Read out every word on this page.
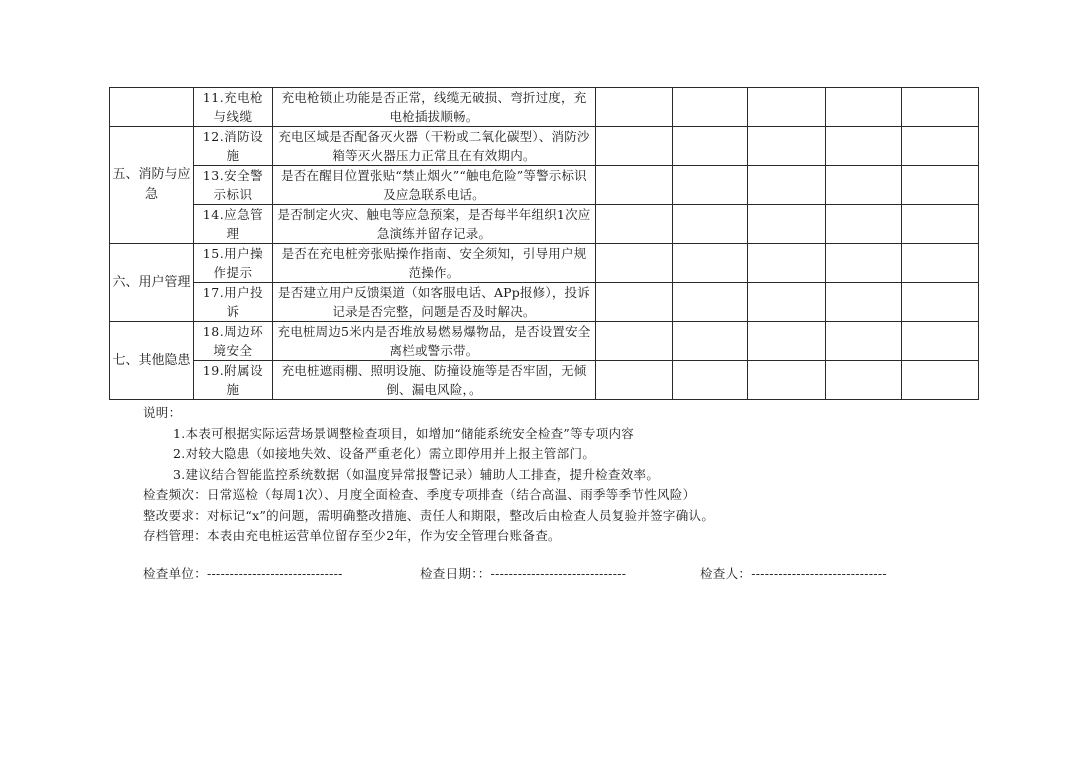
	11.充电枪与线缆	充电枪锁止功能是否正常，线缆无破损、弯折过度，充电枪插拔顺畅。					
五、消防与应急	12.消防设施	充电区域是否配备灭火器（干粉或二氧化碳型）、消防沙箱等灭火器压力正常且在有效期内。					
	13.安全警示标识	是否在醒目位置张贴“禁止烟火”“触电危险”等警示标识及应急联系电话。					
	14.应急管理	是否制定火灾、触电等应急预案，是否每半年组织1次应急演练并留存记录。					
六、用户管理	15.用户操作提示	是否在充电桩旁张贴操作指南、安全须知，引导用户规范操作。					
	17.用户投诉	是否建立用户反馈渠道（如客服电话、APp报修），投诉记录是否完整，问题是否及时解决。					
七、其他隐患	18.周边环境安全	充电桩周边5米内是否堆放易燃易爆物品，是否设置安全离栏或警示带。					
	19.附属设施	充电桩遮雨棚、照明设施、防撞设施等是否牢固，无倾倒、漏电风险，。					
说明：
1.本表可根据实际运营场景调整检查项目，如增加“储能系统安全检查”等专项内容
2.对较大隐患（如接地失效、设备严重老化）需立即停用并上报主管部门。
3.建议结合智能监控系统数据（如温度异常报警记录）辅助人工排查，提升检查效率。
检查频次：日常巡检（每周1次）、月度全面检查、季度专项排查（结合高温、雨季等季节性风险）
整改要求：对标记“x”的问题，需明确整改措施、责任人和期限，整改后由检查人员复验并签字确认。
存档管理：本表由充电桩运营单位留存至少2年，作为安全管理台账备查。
检查单位：------------------------------	检查日期：：------------------------------	检查人：------------------------------
